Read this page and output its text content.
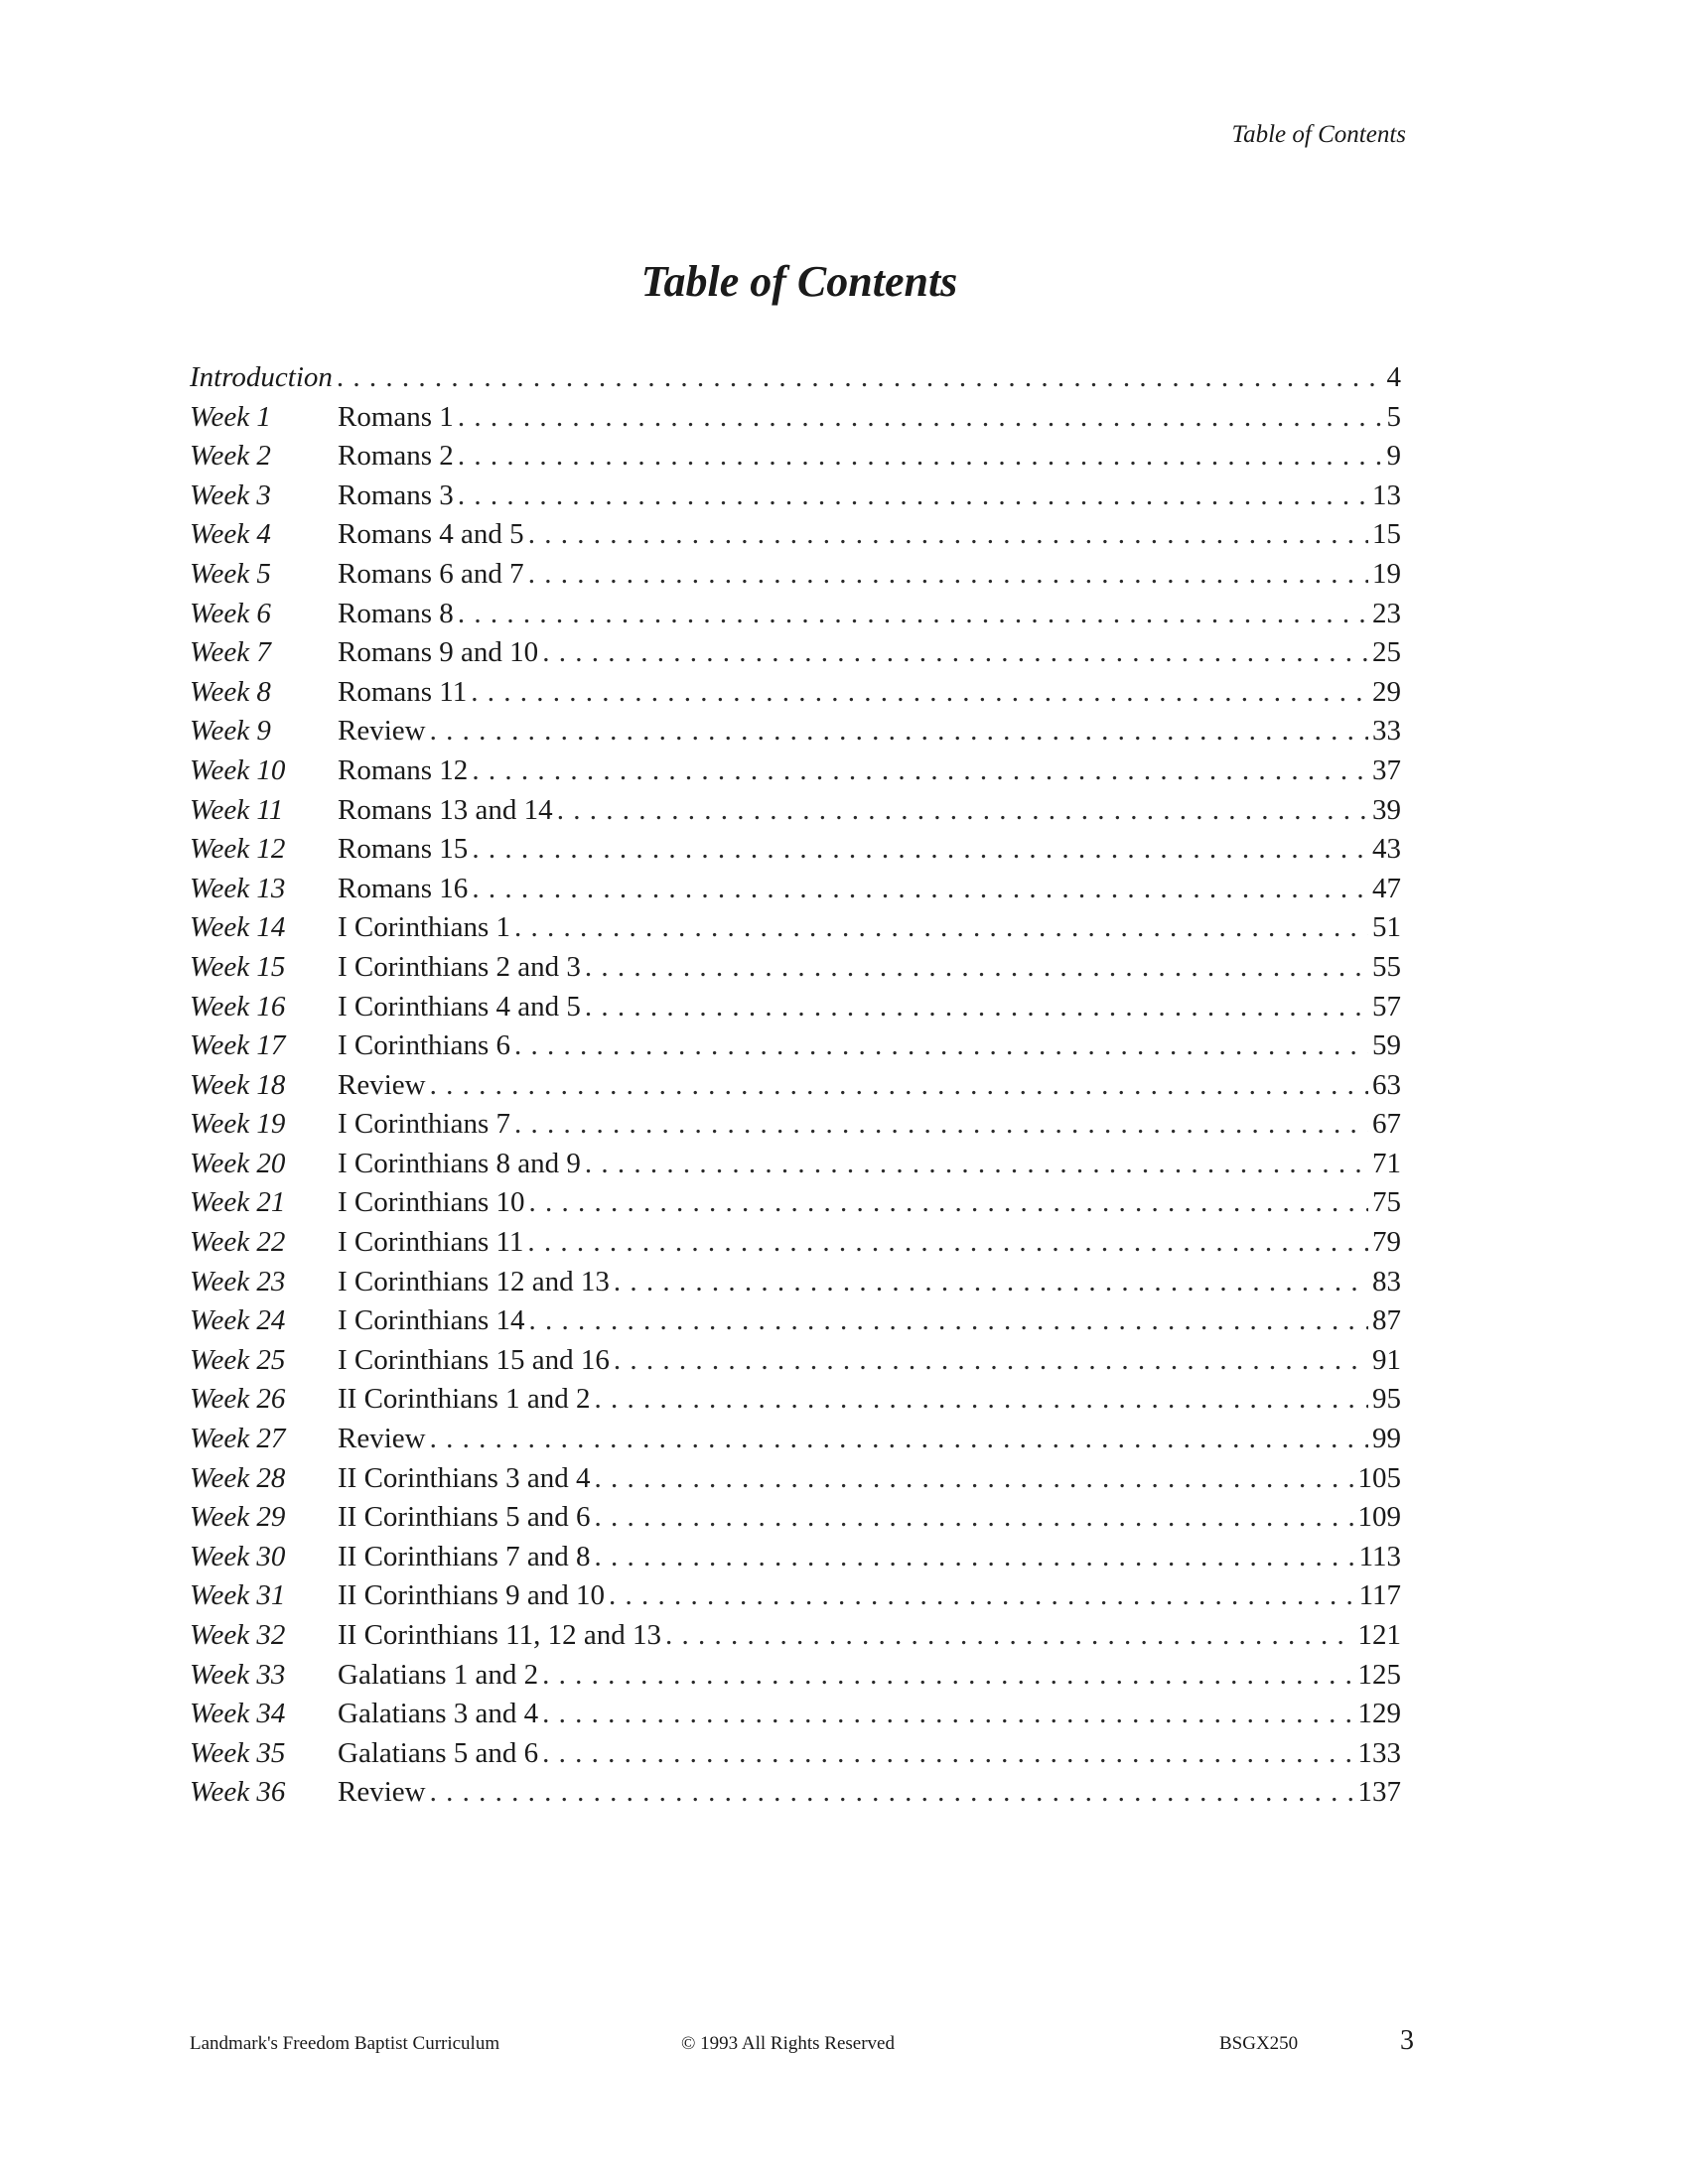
Table of Contents
Table of Contents
Introduction . . .	4
Week 1	Romans 1 . . .	5
Week 2	Romans 2 . . .	9
Week 3	Romans 3 . . .	13
Week 4	Romans 4 and 5 . . .	15
Week 5	Romans 6 and 7 . . .	19
Week 6	Romans 8 . . .	23
Week 7	Romans 9 and 10 . . .	25
Week 8	Romans 11 . . .	29
Week 9	Review . . .	33
Week 10	Romans 12 . . .	37
Week 11	Romans 13 and 14 . . .	39
Week 12	Romans 15 . . .	43
Week 13	Romans 16 . . .	47
Week 14	I Corinthians 1 . . .	51
Week 15	I Corinthians 2 and 3 . . .	55
Week 16	I Corinthians 4 and 5 . . .	57
Week 17	I Corinthians 6 . . .	59
Week 18	Review . . .	63
Week 19	I Corinthians 7 . . .	67
Week 20	I Corinthians 8 and 9 . . .	71
Week 21	I Corinthians 10 . . .	75
Week 22	I Corinthians 11 . . .	79
Week 23	I Corinthians 12 and 13 . . .	83
Week 24	I Corinthians 14 . . .	87
Week 25	I Corinthians 15 and 16 . . .	91
Week 26	II Corinthians 1 and 2 . . .	95
Week 27	Review . . .	99
Week 28	II Corinthians 3 and 4 . . .	105
Week 29	II Corinthians 5 and 6 . . .	109
Week 30	II Corinthians 7 and 8 . . .	113
Week 31	II Corinthians 9 and 10 . . .	117
Week 32	II Corinthians 11, 12 and 13 . . .	121
Week 33	Galatians 1 and 2 . . .	125
Week 34	Galatians 3 and 4 . . .	129
Week 35	Galatians 5 and 6 . . .	133
Week 36	Review . . .	137
Landmark's Freedom Baptist Curriculum	© 1993 All Rights Reserved	BSGX250	3
